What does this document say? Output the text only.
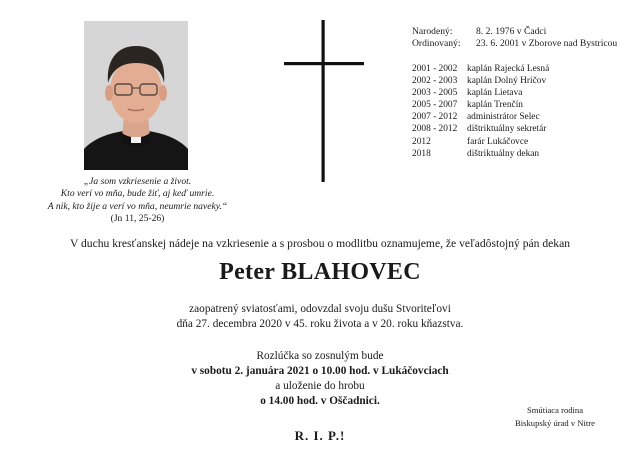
„Ja som vzkriesenie a život.
Kto verí vo mňa, bude žiť, aj keď umrie.
A nik, kto žije a verí vo mňa, neumrie naveky.“
(Jn 11, 25-26)
Narodený: 8. 2. 1976 v Čadci
Ordinovaný: 23. 6. 2001 v Zborove nad Bystricou
2001 - 2002 kaplán Rajecká Lesná
2002 - 2003 kaplán Dolný Hričov
2003 - 2005 kaplán Lietava
2005 - 2007 kaplán Trenčín
2007 - 2012 administrátor Selec
2008 - 2012 dištriktuálny sekretár
2012	farár Lukáčovce
2018	dištriktuálny dekan
V duchu kresťanskej nádeje na vzkriesenie a s prosbou o modlitbu oznamujeme, že veľadôstojný pán dekan
Peter BLAHOVEC
zaopatrený sviatosťami, odovzdal svoju dušu Stvoriteľovi
dňa 27. decembra 2020 v 45. roku života a v 20. roku kňazstva.
Rozlúčka so zosnulým bude
v sobotu 2. januára 2021 o 10.00 hod. v Lukáčovciach
a uloženie do hrobu
o 14.00 hod. v Oščadnici.
Smútiaca rodina
Biskupský úrad v Nitre
R. I. P.!
